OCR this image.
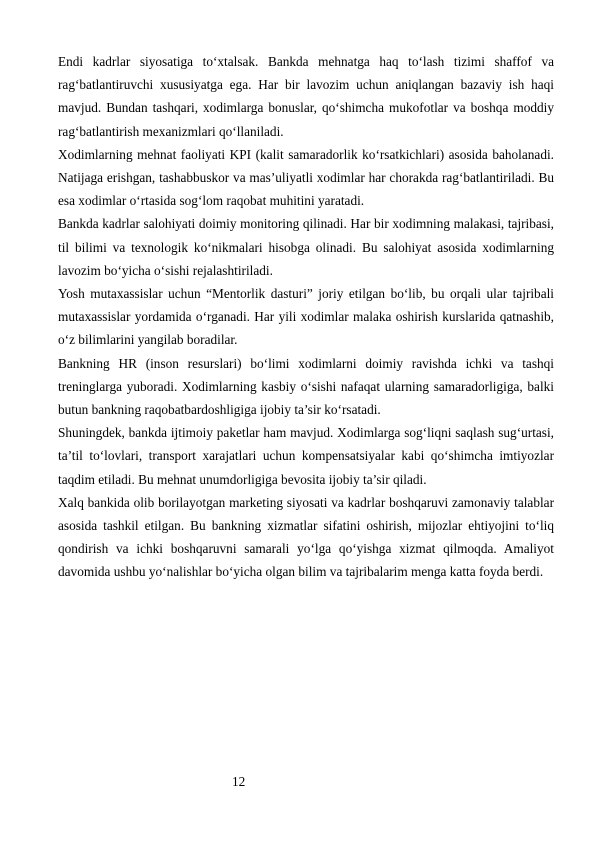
Endi kadrlar siyosatiga to‘xtalsak. Bankda mehnatga haq to‘lash tizimi shaffof va rag‘batlantiruvchi xususiyatga ega. Har bir lavozim uchun aniqlangan bazaviy ish haqi mavjud. Bundan tashqari, xodimlarga bonuslar, qo‘shimcha mukofotlar va boshqa moddiy rag‘batlantirish mexanizmlari qo‘llaniladi.

Xodimlarning mehnat faoliyati KPI (kalit samaradorlik ko‘rsatkichlari) asosida baholanadi. Natijaga erishgan, tashabbuskor va mas’uliyatli xodimlar har chorakda rag‘batlantiriladi. Bu esa xodimlar o‘rtasida sog‘lom raqobat muhitini yaratadi.

Bankda kadrlar salohiyati doimiy monitoring qilinadi. Har bir xodimning malakasi, tajribasi, til bilimi va texnologik ko‘nikmalari hisobga olinadi. Bu salohiyat asosida xodimlarning lavozim bo‘yicha o‘sishi rejalashtiriladi.

Yosh mutaxassislar uchun “Mentorlik dasturi” joriy etilgan bo‘lib, bu orqali ular tajribali mutaxassislar yordamida o‘rganadi. Har yili xodimlar malaka oshirish kurslarida qatnashib, o‘z bilimlarini yangilab boradilar.

Bankning HR (inson resurslari) bo‘limi xodimlarni doimiy ravishda ichki va tashqi treninglarga yuboradi. Xodimlarning kasbiy o‘sishi nafaqat ularning samaradorligiga, balki butun bankning raqobatbardoshligiga ijobiy ta’sir ko‘rsatadi.

Shuningdek, bankda ijtimoiy paketlar ham mavjud. Xodimlarga sog‘liqni saqlash sug‘urtasi, ta’til to‘lovlari, transport xarajatlari uchun kompensatsiyalar kabi qo‘shimcha imtiyozlar taqdim etiladi. Bu mehnat unumdorligiga bevosita ijobiy ta’sir qiladi.

Xalq bankida olib borilayotgan marketing siyosati va kadrlar boshqaruvi zamonaviy talablar asosida tashkil etilgan. Bu bankning xizmatlar sifatini oshirish, mijozlar ehtiyojini to‘liq qondirish va ichki boshqaruvni samarali yo‘lga qo‘yishga xizmat qilmoqda. Amaliyot davomida ushbu yo‘nalishlar bo‘yicha olgan bilim va tajribalarim menga katta foyda berdi.

12
